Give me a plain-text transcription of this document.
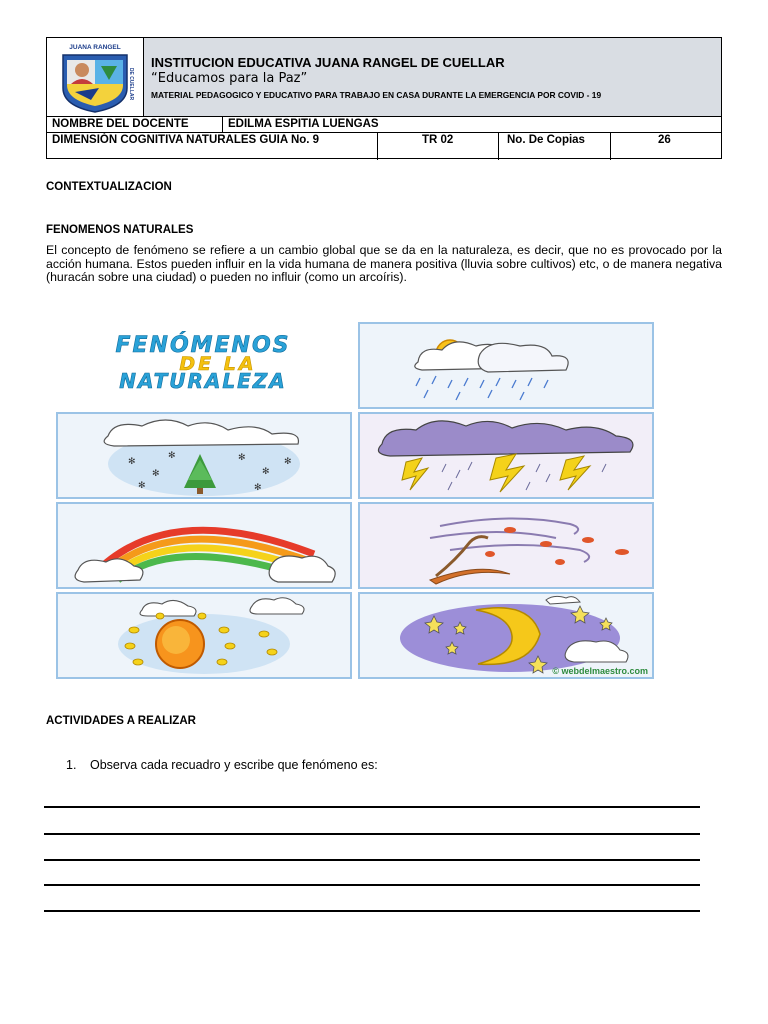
JUANA RANGEL
DE CUELLAR
INSTITUCION EDUCATIVA JUANA RANGEL DE CUELLAR
“Educamos para la Paz”
MATERIAL PEDAGOGICO Y EDUCATIVO PARA TRABAJO EN CASA DURANTE LA EMERGENCIA POR COVID - 19
NOMBRE DEL DOCENTE	EDILMA ESPITIA LUENGAS
DIMENSIÓN COGNITIVA NATURALES GUIA No. 9	TR 02	No. De Copias	26
CONTEXTUALIZACION
FENOMENOS NATURALES
El concepto de fenómeno se refiere a un cambio global que se da en la naturaleza, es decir, que no es provocado por la acción humana. Estos pueden influir en la vida humana de manera positiva (lluvia sobre cultivos) etc, o de manera negativa (huracán sobre una ciudad) o pueden no influir (como un arcoíris).
FENÓMENOS
DE LA
NATURALEZA
✻
✻
✻
✻
✻
✻
✻	✻
© webdelmaestro.com
ACTIVIDADES A REALIZAR
1. Observa cada recuadro y escribe que fenómeno es:
